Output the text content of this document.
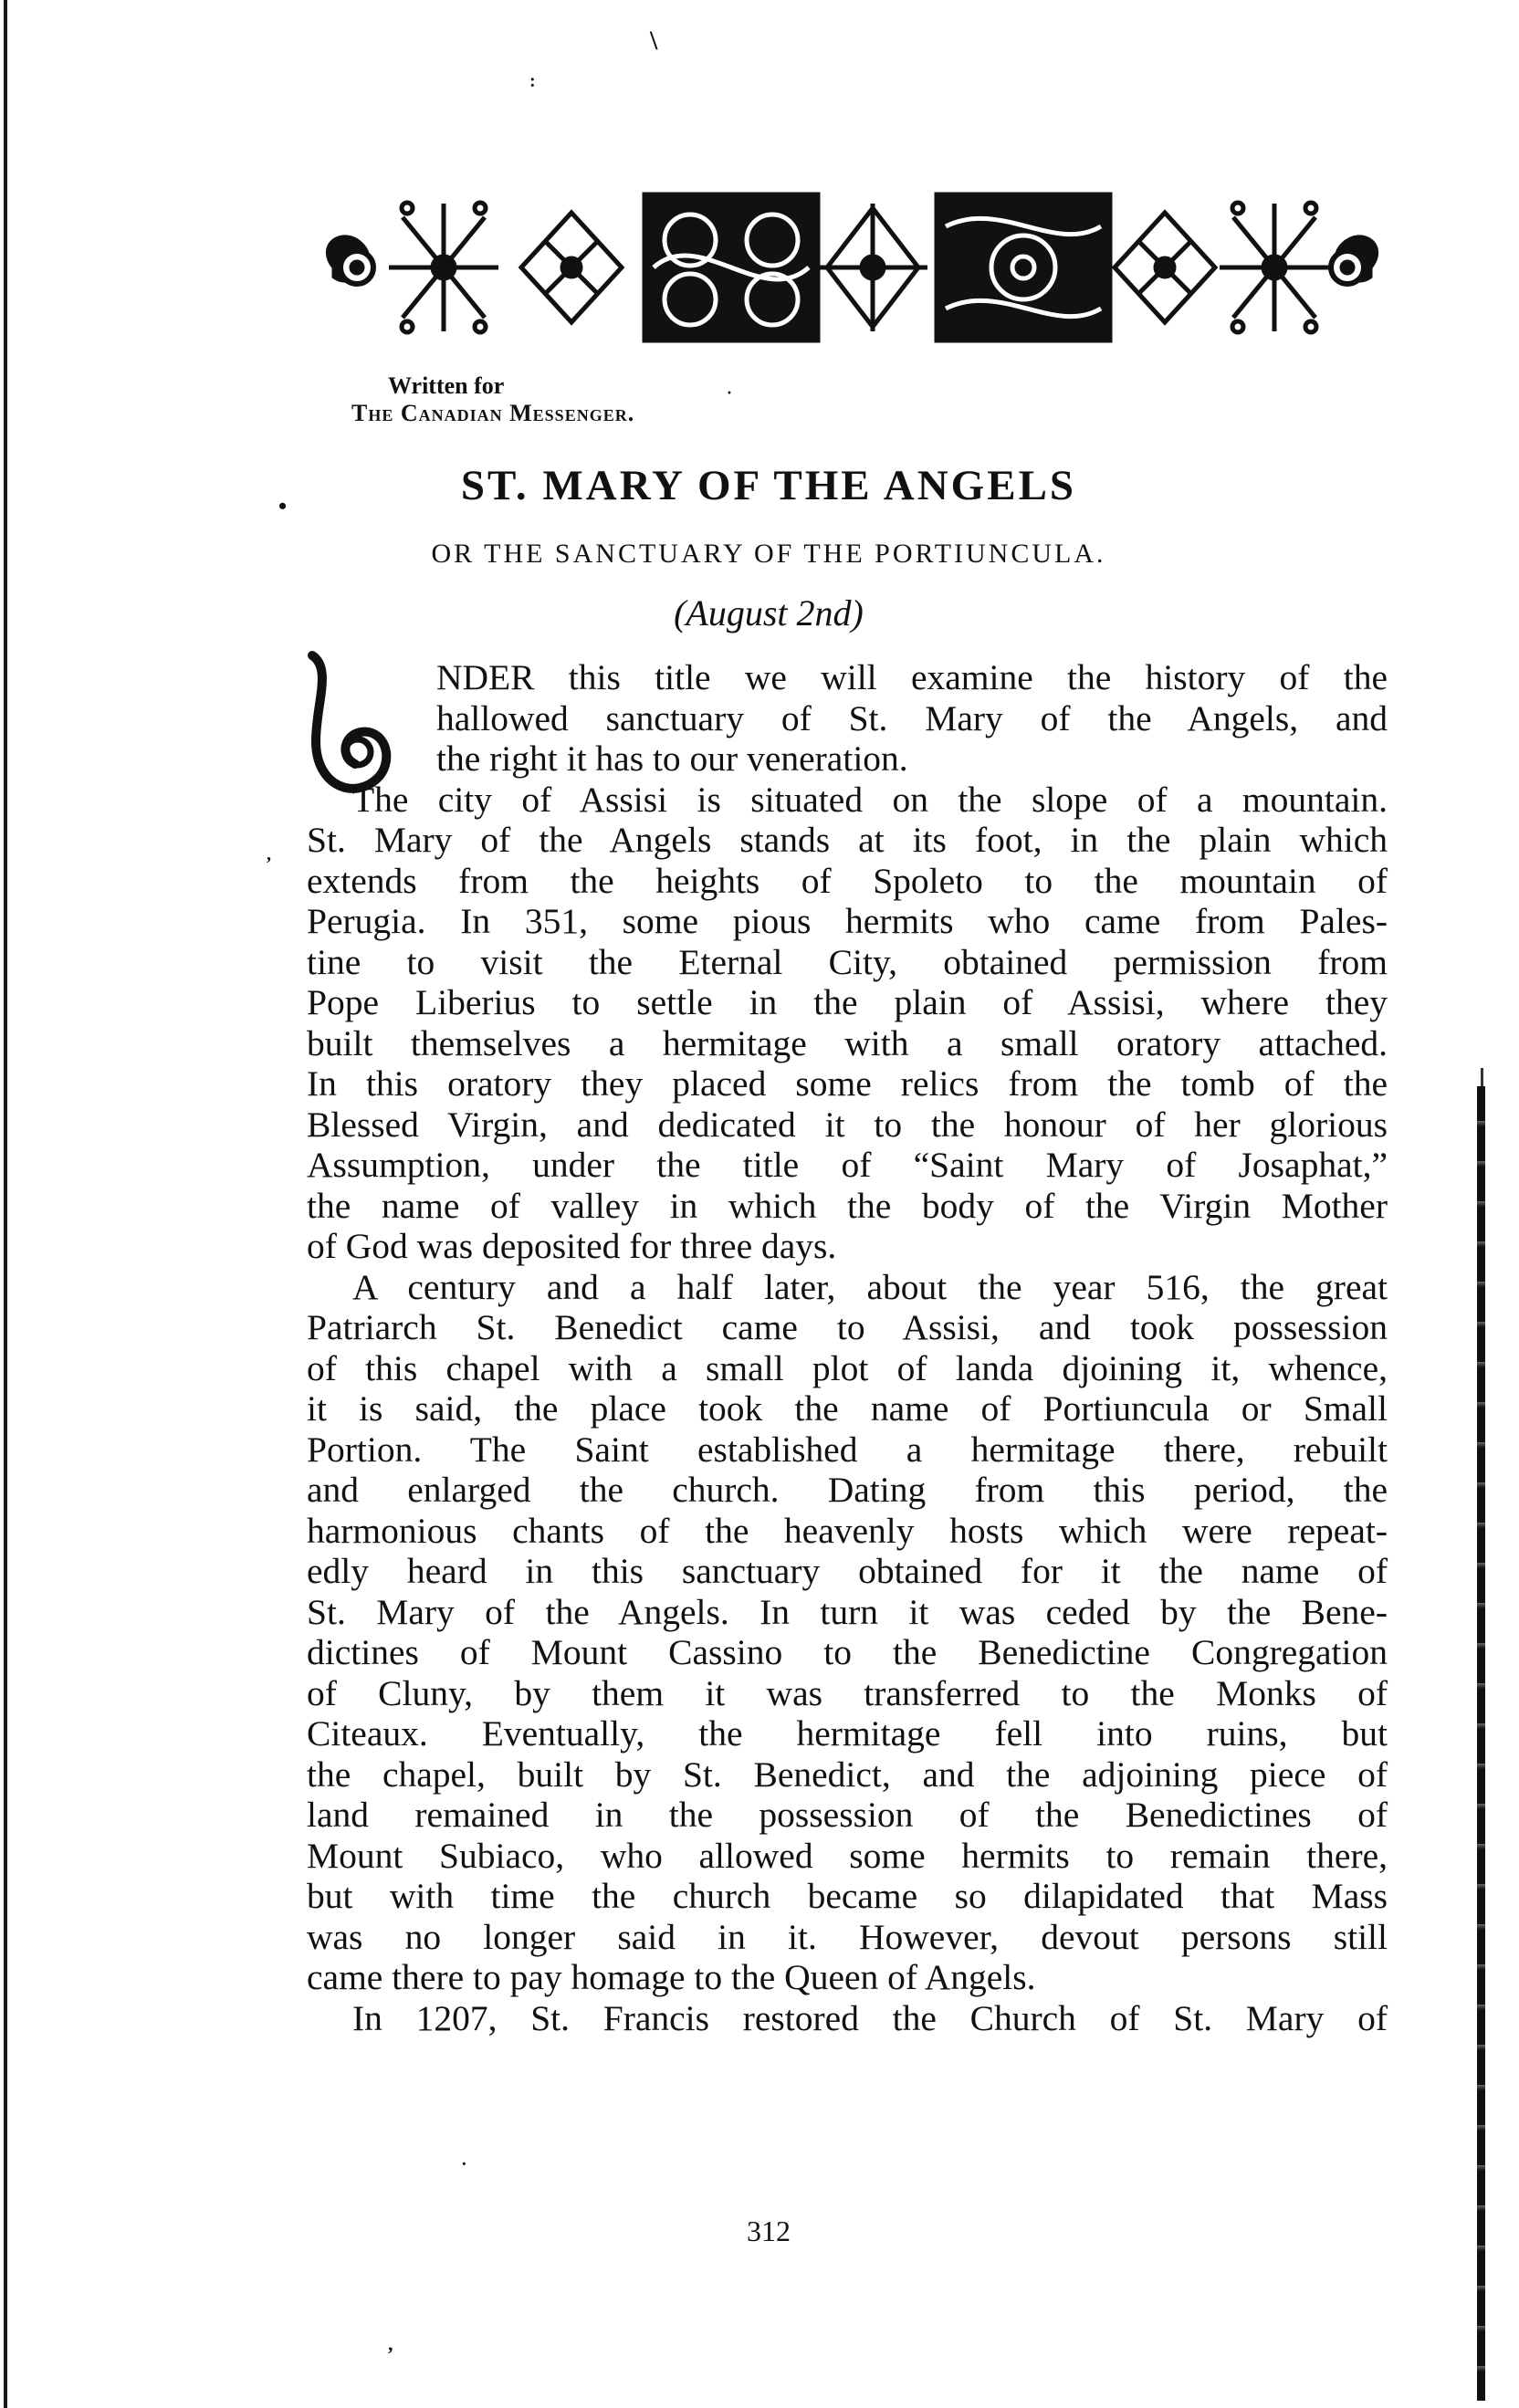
\
:
•
·
,
·
,
Written for
The Canadian Messenger.
ST. MARY OF THE ANGELS
OR THE SANCTUARY OF THE PORTIUNCULA.
(August 2nd)
U
NDER this title we will examine the history of the
hallowed sanctuary of St. Mary of the Angels, and
the right it has to our veneration.
The city of Assisi is situated on the slope of a mountain.
St. Mary of the Angels stands at its foot, in the plain which
extends from the heights of Spoleto to the mountain of
Perugia. In 351, some pious hermits who came from Pales-
tine to visit the Eternal City, obtained permission from
Pope Liberius to settle in the plain of Assisi, where they
built themselves a hermitage with a small oratory attached.
In this oratory they placed some relics from the tomb of the
Blessed Virgin, and dedicated it to the honour of her glorious
Assumption, under the title of “Saint Mary of Josaphat,”
the name of valley in which the body of the Virgin Mother
of God was deposited for three days.
A century and a half later, about the year 516, the great
Patriarch St. Benedict came to Assisi, and took possession
of this chapel with a small plot of landa djoining it, whence,
it is said, the place took the name of Portiuncula or Small
Portion. The Saint established a hermitage there, rebuilt
and enlarged the church. Dating from this period, the
harmonious chants of the heavenly hosts which were repeat-
edly heard in this sanctuary obtained for it the name of
St. Mary of the Angels. In turn it was ceded by the Bene-
dictines of Mount Cassino to the Benedictine Congregation
of Cluny, by them it was transferred to the Monks of
Citeaux. Eventually, the hermitage fell into ruins, but
the chapel, built by St. Benedict, and the adjoining piece of
land remained in the possession of the Benedictines of
Mount Subiaco, who allowed some hermits to remain there,
but with time the church became so dilapidated that Mass
was no longer said in it. However, devout persons still
came there to pay homage to the Queen of Angels.
In 1207, St. Francis restored the Church of St. Mary of
312
